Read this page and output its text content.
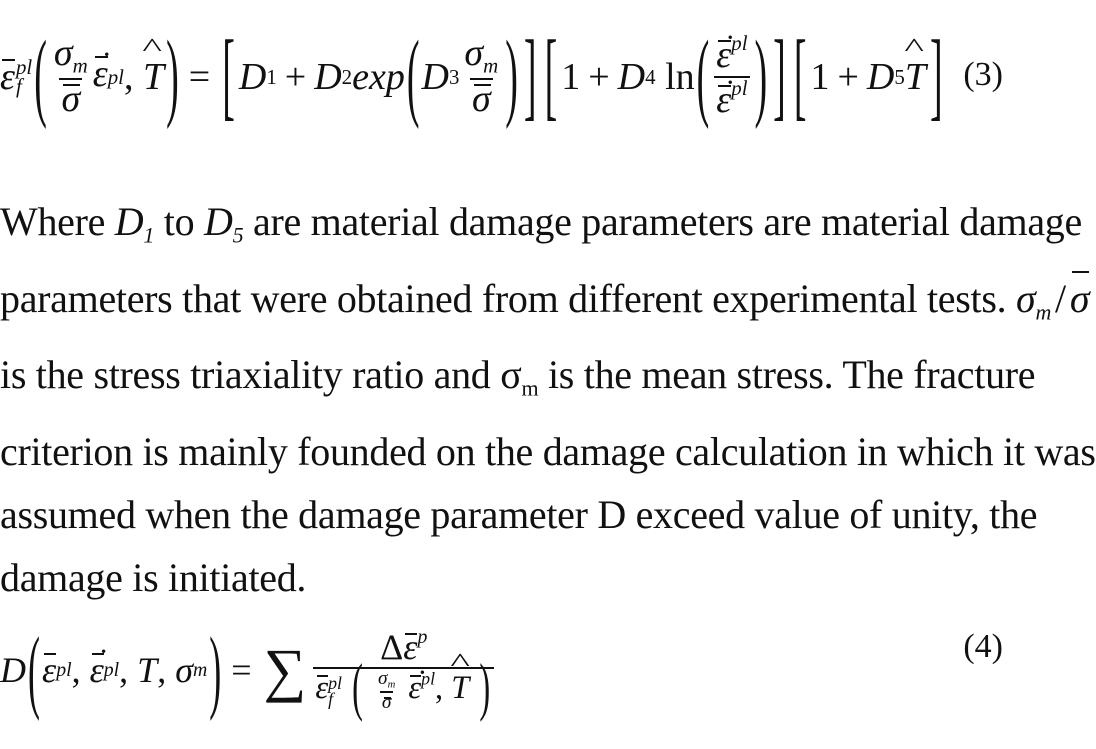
ε pl
f ( $\frac{\sigma_m}{\sigma}$ ε · pl ,
^ T ) = [ D 1 + D 2 exp ( D $3 \frac{\sigma_m}{\sigma}$ ) ] [ 1 + D 4
ln ( $\frac{\varepsilon \cdot^{pl}}{\varepsilon \cdot^{pl}}$ ) ] [ 1 + D 5 ^ T ] (3)
Where $D_1$ to $D_5$ are material damage parameters are material damage
parameters that were obtained from different experimental tests. $\sigma_m$ / σ
is the stress triaxiality ratio and $\sigma_m$ is the mean stress. The fracture
criterion is mainly founded on the damage calculation in which it was
assumed when the damage parameter D exceed value of unity, the
damage is initiated.
D ( ε pl ,
ε · pl ,
T ,
σ m ) = ∑ $\Delta\varepsilon^p$
ε pl
f ( $\frac{\sigma_m}{\sigma}$ ε ·$^{pl}$, ^ T )
(4)
